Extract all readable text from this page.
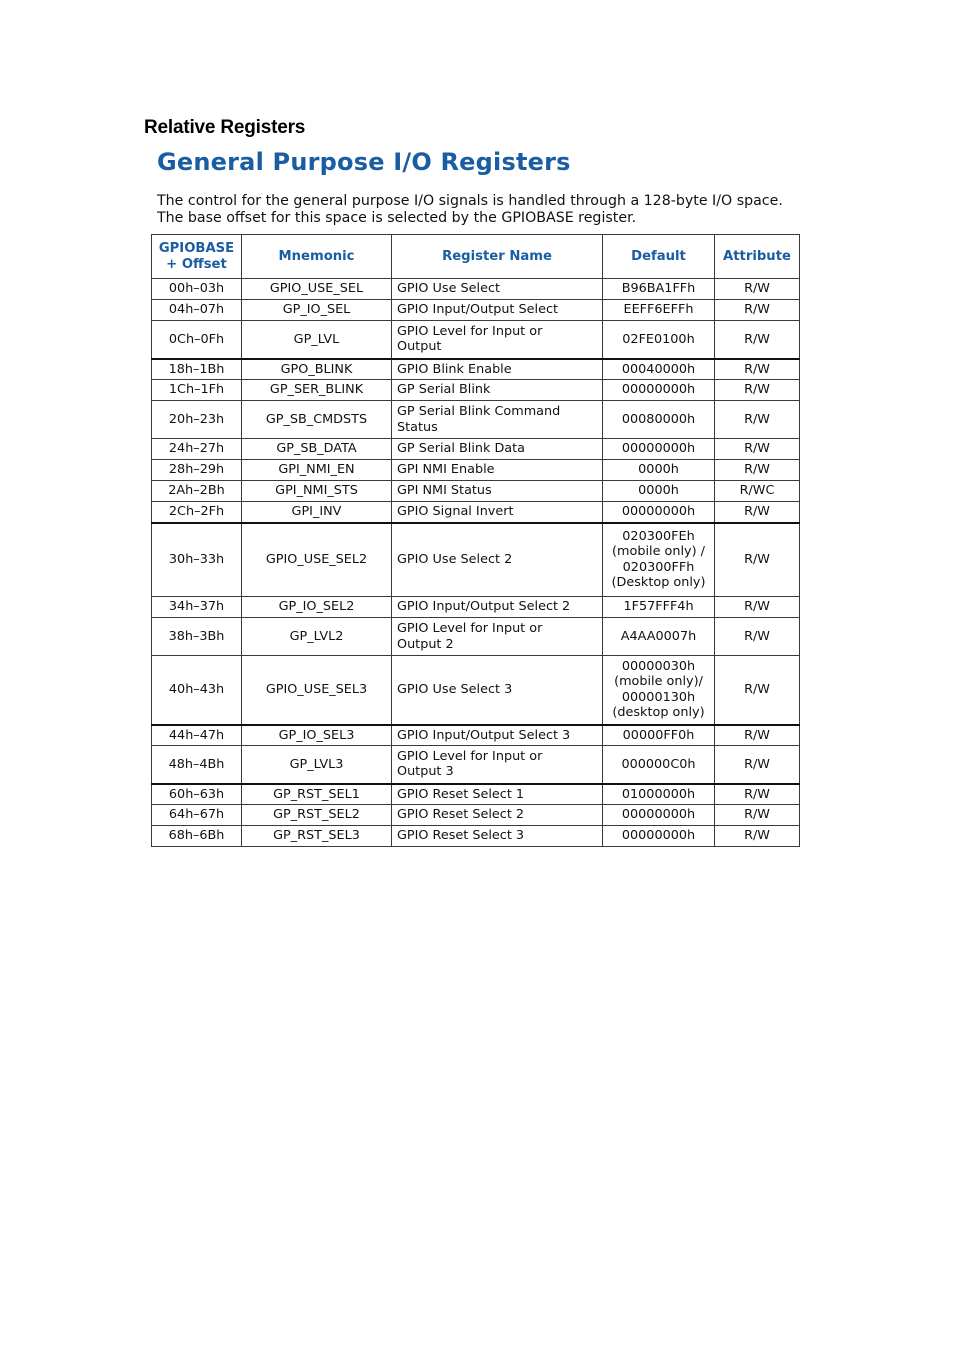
Relative Registers
General Purpose I/O Registers
The control for the general purpose I/O signals is handled through a 128-byte I/O space. The base offset for this space is selected by the GPIOBASE register.
GPIOBASE
+ Offset	Mnemonic	Register Name	Default	Attribute
00h–03h	GPIO_USE_SEL	GPIO Use Select	B96BA1FFh	R/W
04h–07h	GP_IO_SEL	GPIO Input/Output Select	EEFF6EFFh	R/W
0Ch–0Fh	GP_LVL	GPIO Level for Input or
Output	02FE0100h	R/W
18h–1Bh	GPO_BLINK	GPIO Blink Enable	00040000h	R/W
1Ch–1Fh	GP_SER_BLINK	GP Serial Blink	00000000h	R/W
20h–23h	GP_SB_CMDSTS	GP Serial Blink Command
Status	00080000h	R/W
24h–27h	GP_SB_DATA	GP Serial Blink Data	00000000h	R/W
28h–29h	GPI_NMI_EN	GPI NMI Enable	0000h	R/W
2Ah–2Bh	GPI_NMI_STS	GPI NMI Status	0000h	R/WC
2Ch–2Fh	GPI_INV	GPIO Signal Invert	00000000h	R/W
30h–33h	GPIO_USE_SEL2	GPIO Use Select 2	020300FEh
(mobile only) /
020300FFh
(Desktop only)	R/W
34h–37h	GP_IO_SEL2	GPIO Input/Output Select 2	1F57FFF4h	R/W
38h–3Bh	GP_LVL2	GPIO Level for Input or
Output 2	A4AA0007h	R/W
40h–43h	GPIO_USE_SEL3	GPIO Use Select 3	00000030h
(mobile only)/
00000130h
(desktop only)	R/W
44h–47h	GP_IO_SEL3	GPIO Input/Output Select 3	00000FF0h	R/W
48h–4Bh	GP_LVL3	GPIO Level for Input or
Output 3	000000C0h	R/W
60h–63h	GP_RST_SEL1	GPIO Reset Select 1	01000000h	R/W
64h–67h	GP_RST_SEL2	GPIO Reset Select 2	00000000h	R/W
68h–6Bh	GP_RST_SEL3	GPIO Reset Select 3	00000000h	R/W
